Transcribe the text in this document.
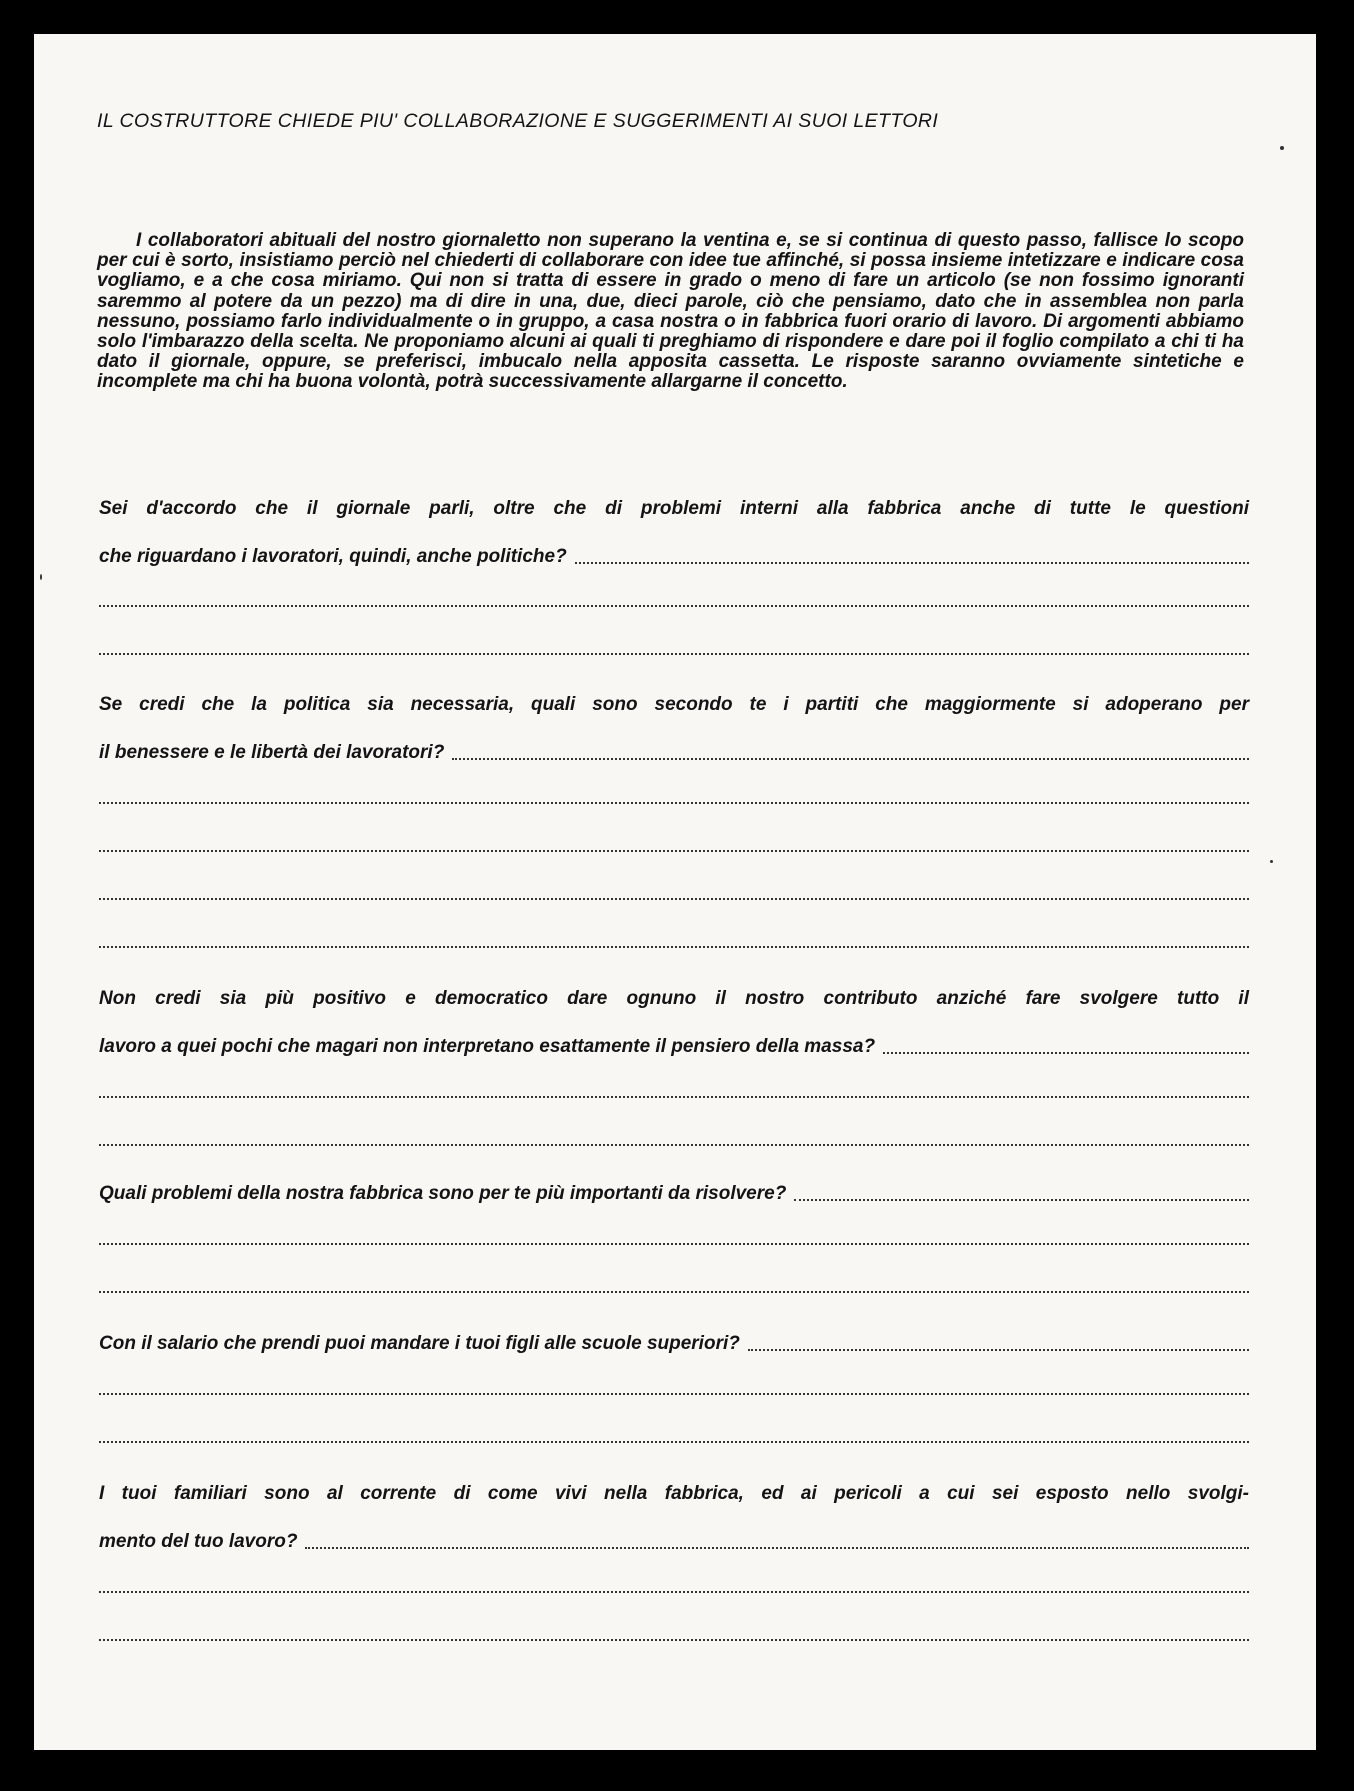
IL COSTRUTTORE CHIEDE PIU' COLLABORAZIONE E SUGGERIMENTI AI SUOI LETTORI

I collaboratori abituali del nostro giornaletto non superano la ventina e, se si continua di questo passo, fallisce lo scopo per cui è sorto, insistiamo perciò nel chiederti di collaborare con idee tue affinché, si possa insieme intetizzare e indicare cosa vogliamo, e a che cosa miriamo. Qui non si tratta di essere in grado o meno di fare un articolo (se non fossimo ignoranti saremmo al potere da un pezzo) ma di dire in una, due, dieci parole, ciò che pensiamo, dato che in assemblea non parla nessuno, possiamo farlo individualmente o in gruppo, a casa nostra o in fabbrica fuori orario di lavoro. Di argomenti abbiamo solo l'imbarazzo della scelta. Ne proponiamo alcuni ai quali ti preghiamo di rispondere e dare poi il foglio compilato a chi ti ha dato il giornale, oppure, se preferisci, imbucalo nella apposita cassetta. Le risposte saranno ovviamente sintetiche e incomplete ma chi ha buona volontà, potrà successivamente allargarne il concetto.

Sei d'accordo che il giornale parli, oltre che di problemi interni alla fabbrica anche di tutte le questioni
che riguardano i lavoratori, quindi, anche politiche?
Se credi che la politica sia necessaria, quali sono secondo te i partiti che maggiormente si adoperano per
il benessere e le libertà dei lavoratori?
Non credi sia più positivo e democratico dare ognuno il nostro contributo anziché fare svolgere tutto il
lavoro a quei pochi che magari non interpretano esattamente il pensiero della massa?
Quali problemi della nostra fabbrica sono per te più importanti da risolvere?
Con il salario che prendi puoi mandare i tuoi figli alle scuole superiori?
I tuoi familiari sono al corrente di come vivi nella fabbrica, ed ai pericoli a cui sei esposto nello svolgi-
mento del tuo lavoro?
